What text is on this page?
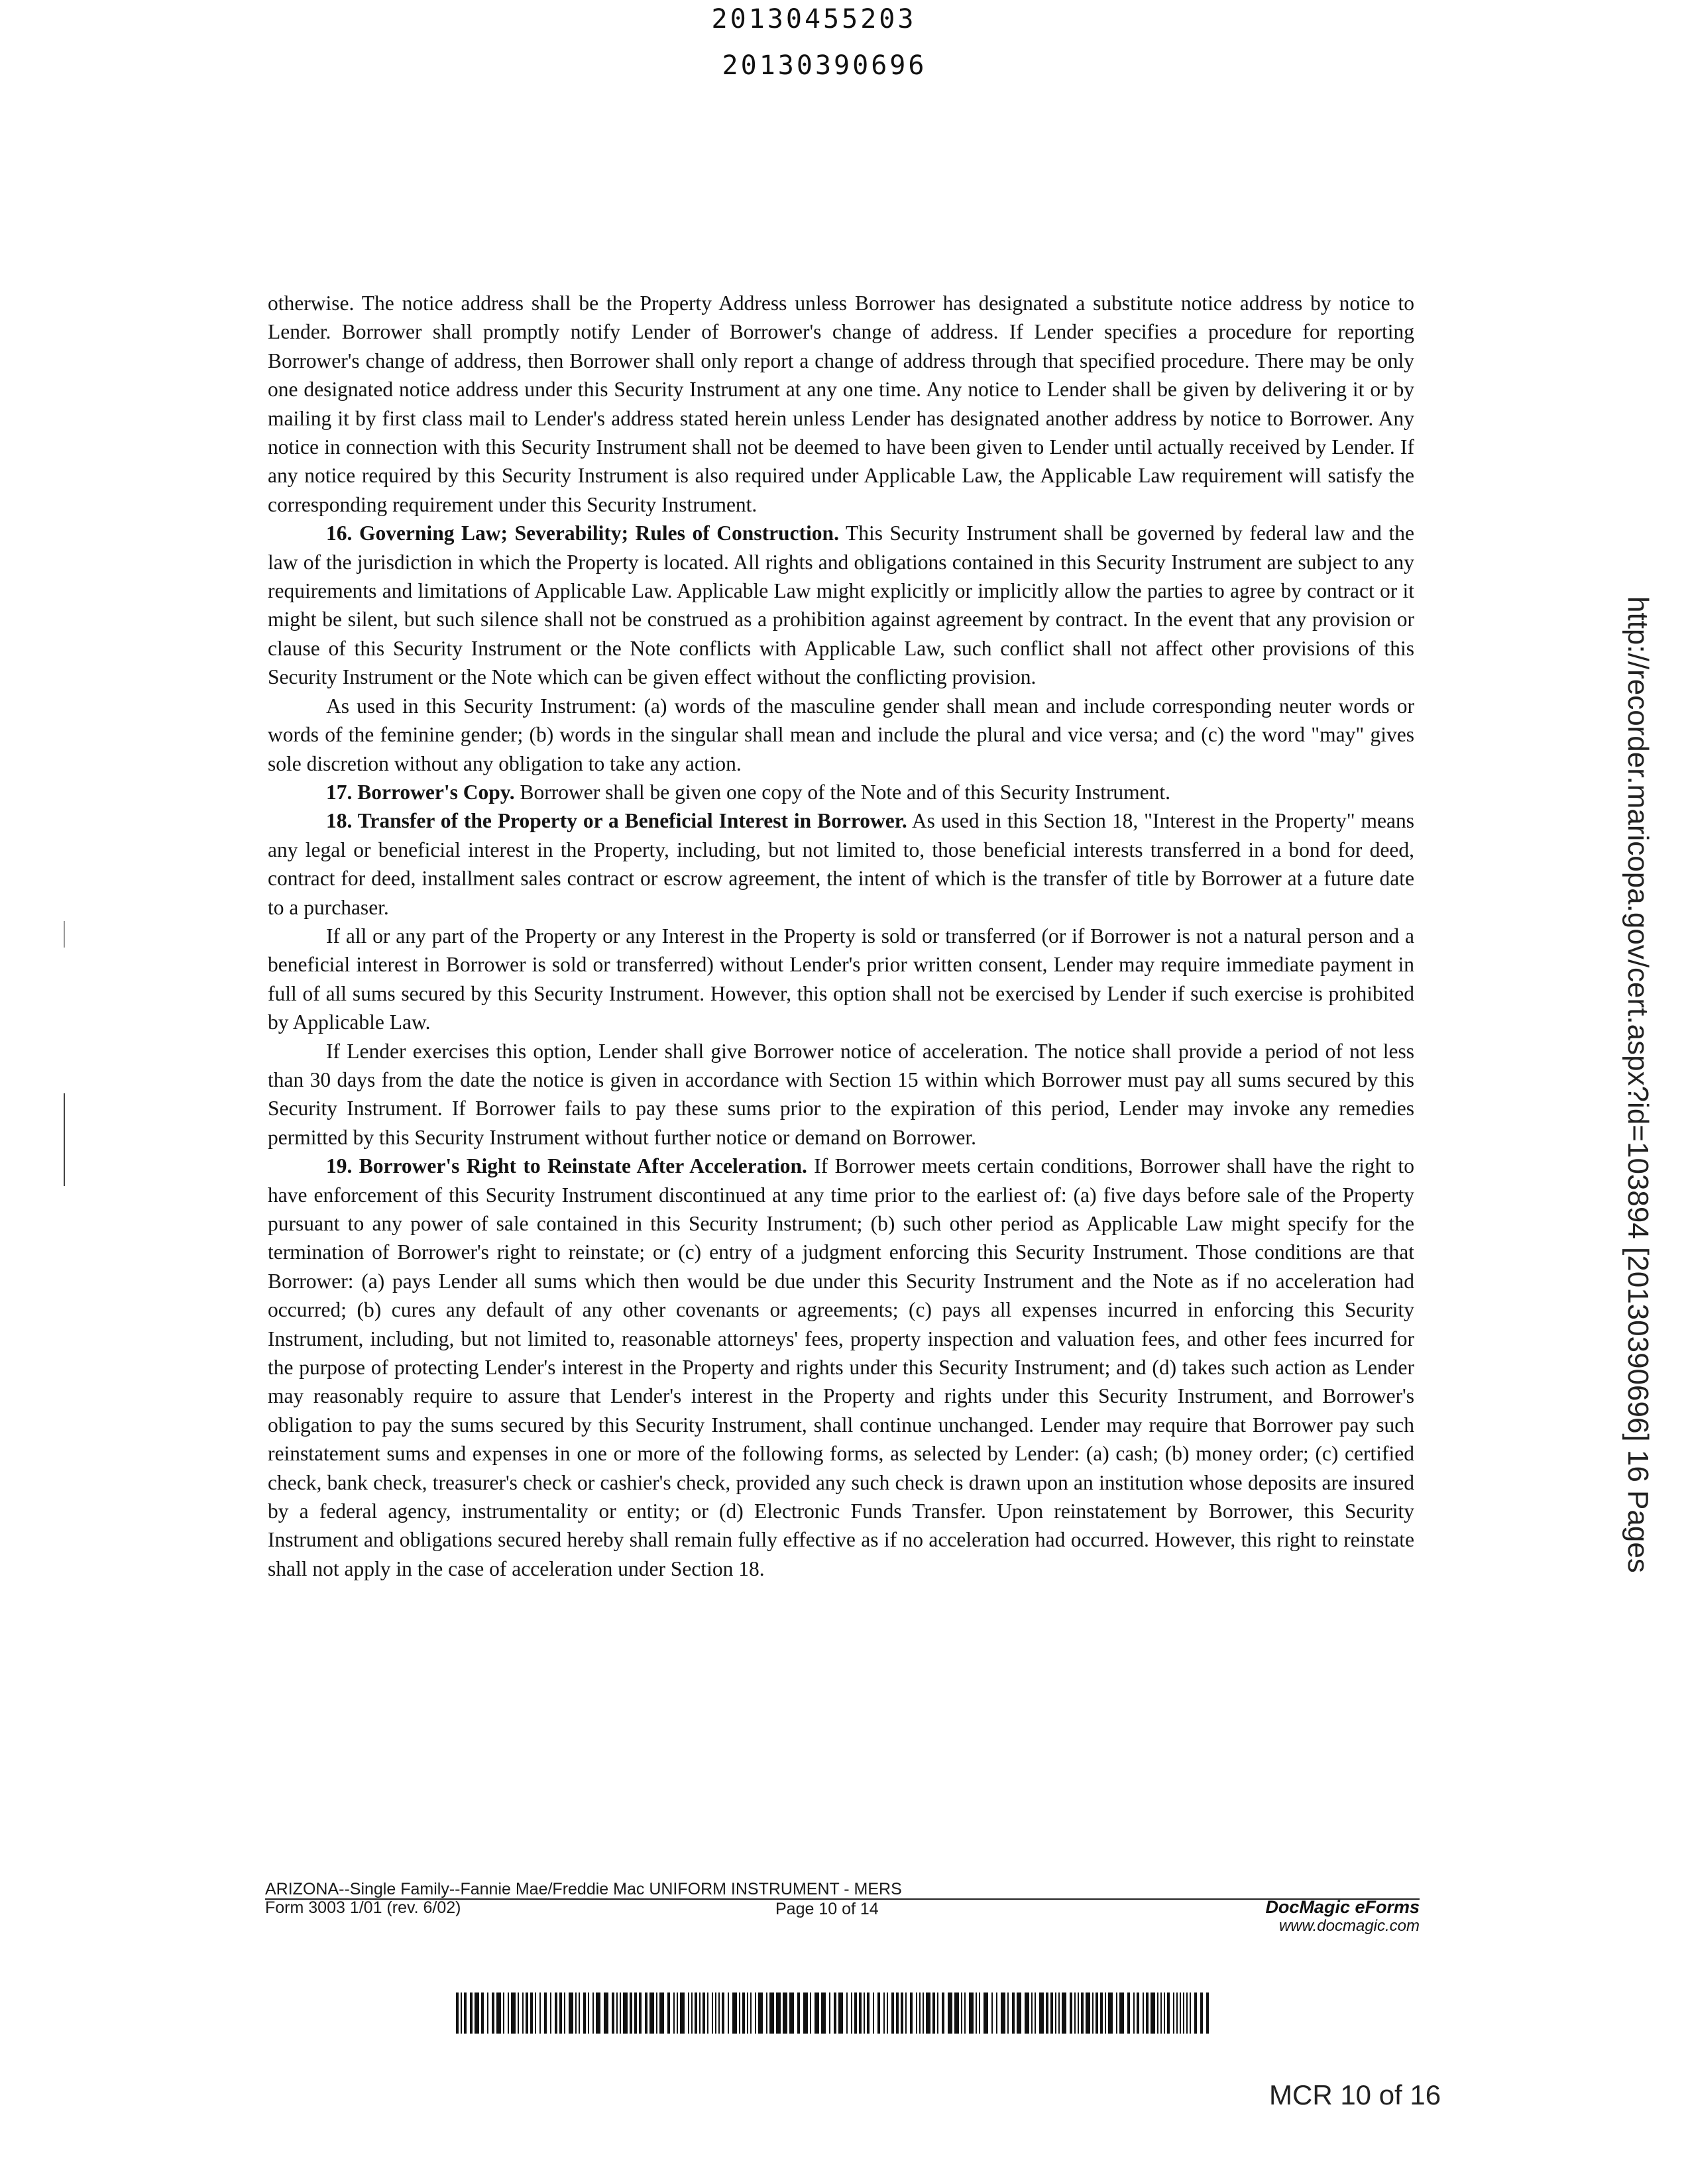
20130455203
20130390696

otherwise. The notice address shall be the Property Address unless Borrower has designated a substitute notice address by notice to Lender. Borrower shall promptly notify Lender of Borrower's change of address. If Lender specifies a procedure for reporting Borrower's change of address, then Borrower shall only report a change of address through that specified procedure. There may be only one designated notice address under this Security Instrument at any one time. Any notice to Lender shall be given by delivering it or by mailing it by first class mail to Lender's address stated herein unless Lender has designated another address by notice to Borrower. Any notice in connection with this Security Instrument shall not be deemed to have been given to Lender until actually received by Lender. If any notice required by this Security Instrument is also required under Applicable Law, the Applicable Law requirement will satisfy the corresponding requirement under this Security Instrument.

16. Governing Law; Severability; Rules of Construction. This Security Instrument shall be governed by federal law and the law of the jurisdiction in which the Property is located. All rights and obligations contained in this Security Instrument are subject to any requirements and limitations of Applicable Law. Applicable Law might explicitly or implicitly allow the parties to agree by contract or it might be silent, but such silence shall not be construed as a prohibition against agreement by contract. In the event that any provision or clause of this Security Instrument or the Note conflicts with Applicable Law, such conflict shall not affect other provisions of this Security Instrument or the Note which can be given effect without the conflicting provision.

As used in this Security Instrument: (a) words of the masculine gender shall mean and include corresponding neuter words or words of the feminine gender; (b) words in the singular shall mean and include the plural and vice versa; and (c) the word "may" gives sole discretion without any obligation to take any action.

17. Borrower's Copy. Borrower shall be given one copy of the Note and of this Security Instrument.

18. Transfer of the Property or a Beneficial Interest in Borrower. As used in this Section 18, "Interest in the Property" means any legal or beneficial interest in the Property, including, but not limited to, those beneficial interests transferred in a bond for deed, contract for deed, installment sales contract or escrow agreement, the intent of which is the transfer of title by Borrower at a future date to a purchaser.

If all or any part of the Property or any Interest in the Property is sold or transferred (or if Borrower is not a natural person and a beneficial interest in Borrower is sold or transferred) without Lender's prior written consent, Lender may require immediate payment in full of all sums secured by this Security Instrument. However, this option shall not be exercised by Lender if such exercise is prohibited by Applicable Law.

If Lender exercises this option, Lender shall give Borrower notice of acceleration. The notice shall provide a period of not less than 30 days from the date the notice is given in accordance with Section 15 within which Borrower must pay all sums secured by this Security Instrument. If Borrower fails to pay these sums prior to the expiration of this period, Lender may invoke any remedies permitted by this Security Instrument without further notice or demand on Borrower.

19. Borrower's Right to Reinstate After Acceleration. If Borrower meets certain conditions, Borrower shall have the right to have enforcement of this Security Instrument discontinued at any time prior to the earliest of: (a) five days before sale of the Property pursuant to any power of sale contained in this Security Instrument; (b) such other period as Applicable Law might specify for the termination of Borrower's right to reinstate; or (c) entry of a judgment enforcing this Security Instrument. Those conditions are that Borrower: (a) pays Lender all sums which then would be due under this Security Instrument and the Note as if no acceleration had occurred; (b) cures any default of any other covenants or agreements; (c) pays all expenses incurred in enforcing this Security Instrument, including, but not limited to, reasonable attorneys' fees, property inspection and valuation fees, and other fees incurred for the purpose of protecting Lender's interest in the Property and rights under this Security Instrument; and (d) takes such action as Lender may reasonably require to assure that Lender's interest in the Property and rights under this Security Instrument, and Borrower's obligation to pay the sums secured by this Security Instrument, shall continue unchanged. Lender may require that Borrower pay such reinstatement sums and expenses in one or more of the following forms, as selected by Lender: (a) cash; (b) money order; (c) certified check, bank check, treasurer's check or cashier's check, provided any such check is drawn upon an institution whose deposits are insured by a federal agency, instrumentality or entity; or (d) Electronic Funds Transfer. Upon reinstatement by Borrower, this Security Instrument and obligations secured hereby shall remain fully effective as if no acceleration had occurred. However, this right to reinstate shall not apply in the case of acceleration under Section 18.	http://recorder.maricopa.gov/cert.aspx?id=103894 [20130390696] 16 Pages
ARIZONA--Single Family--Fannie Mae/Freddie Mac UNIFORM INSTRUMENT - MERS
Form 3003 1/01 (rev. 6/02)	Page 10 of 14	DocMagic eForms
www.docmagic.com
MCR 10 of 16
